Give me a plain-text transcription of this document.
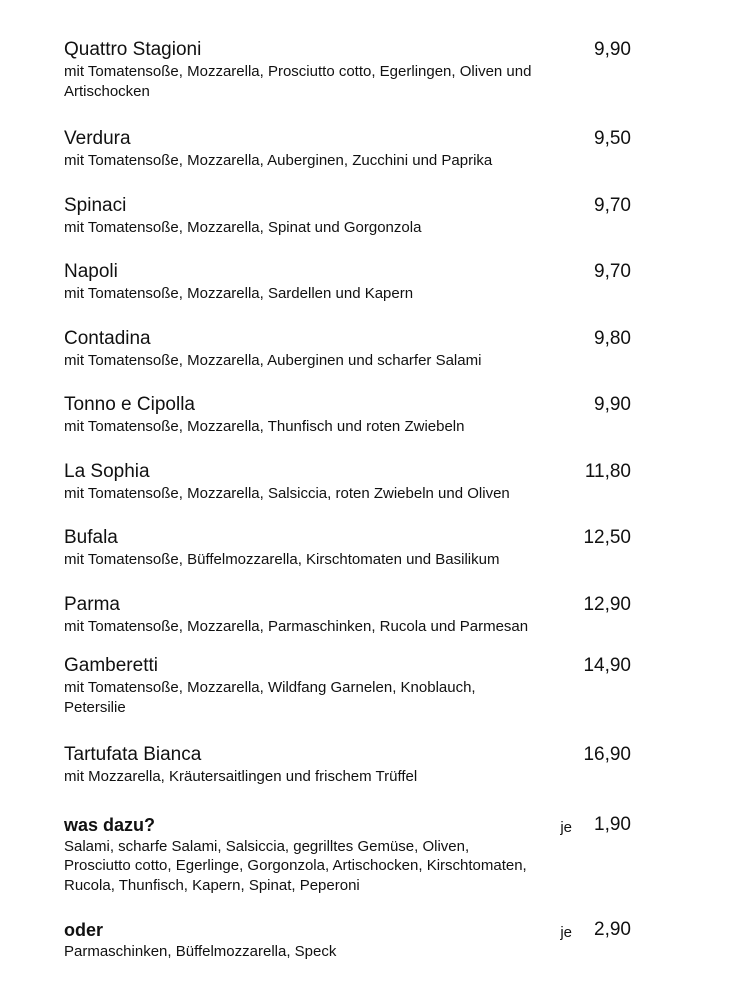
Quattro Stagioni
mit Tomatensoße, Mozzarella, Prosciutto cotto, Egerlingen, Oliven und Artischocken
9,90
Verdura
mit Tomatensoße, Mozzarella, Auberginen, Zucchini und Paprika
9,50
Spinaci
mit Tomatensoße, Mozzarella, Spinat und Gorgonzola
9,70
Napoli
mit Tomatensoße, Mozzarella, Sardellen und Kapern
9,70
Contadina
mit Tomatensoße, Mozzarella, Auberginen und scharfer Salami
9,80
Tonno e Cipolla
mit Tomatensoße, Mozzarella, Thunfisch und roten Zwiebeln
9,90
La Sophia
mit Tomatensoße, Mozzarella, Salsiccia, roten Zwiebeln und Oliven
11,80
Bufala
mit Tomatensoße, Büffelmozzarella, Kirschtomaten und Basilikum
12,50
Parma
mit Tomatensoße, Mozzarella, Parmaschinken, Rucola und Parmesan
12,90
Gamberetti
mit Tomatensoße, Mozzarella, Wildfang Garnelen, Knoblauch, Petersilie
14,90
Tartufata Bianca
mit Mozzarella, Kräutersaitlingen und frischem Trüffel
16,90
was dazu?
Salami, scharfe Salami, Salsiccia, gegrilltes Gemüse, Oliven, Prosciutto cotto, Egerlinge, Gorgonzola, Artischocken, Kirschtomaten, Rucola, Thunfisch, Kapern, Spinat, Peperoni
je 1,90
oder
Parmaschinken, Büffelmozzarella, Speck
je 2,90
